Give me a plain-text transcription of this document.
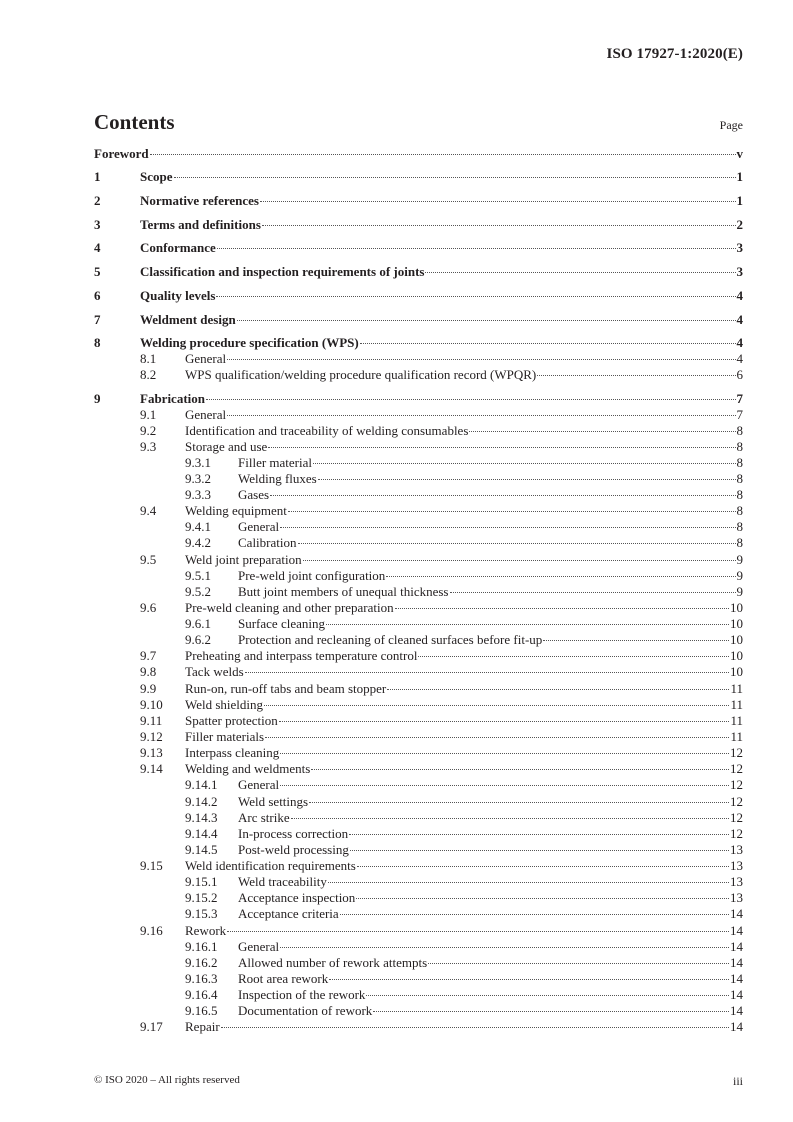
ISO 17927-1:2020(E)
Contents	Page
Foreword	v
1	Scope	1
2	Normative references	1
3	Terms and definitions	2
4	Conformance	3
5	Classification and inspection requirements of joints	3
6	Quality levels	4
7	Weldment design	4
8	Welding procedure specification (WPS)	4
8.1	General	4
8.2	WPS qualification/welding procedure qualification record (WPQR)	6
9	Fabrication	7
9.1	General	7
9.2	Identification and traceability of welding consumables	8
9.3	Storage and use	8
9.3.1	Filler material	8
9.3.2	Welding fluxes	8
9.3.3	Gases	8
9.4	Welding equipment	8
9.4.1	General	8
9.4.2	Calibration	8
9.5	Weld joint preparation	9
9.5.1	Pre-weld joint configuration	9
9.5.2	Butt joint members of unequal thickness	9
9.6	Pre-weld cleaning and other preparation	10
9.6.1	Surface cleaning	10
9.6.2	Protection and recleaning of cleaned surfaces before fit-up	10
9.7	Preheating and interpass temperature control	10
9.8	Tack welds	10
9.9	Run-on, run-off tabs and beam stopper	11
9.10	Weld shielding	11
9.11	Spatter protection	11
9.12	Filler materials	11
9.13	Interpass cleaning	12
9.14	Welding and weldments	12
9.14.1	General	12
9.14.2	Weld settings	12
9.14.3	Arc strike	12
9.14.4	In-process correction	12
9.14.5	Post-weld processing	13
9.15	Weld identification requirements	13
9.15.1	Weld traceability	13
9.15.2	Acceptance inspection	13
9.15.3	Acceptance criteria	14
9.16	Rework	14
9.16.1	General	14
9.16.2	Allowed number of rework attempts	14
9.16.3	Root area rework	14
9.16.4	Inspection of the rework	14
9.16.5	Documentation of rework	14
9.17	Repair	14
© ISO 2020 – All rights reserved	iii
